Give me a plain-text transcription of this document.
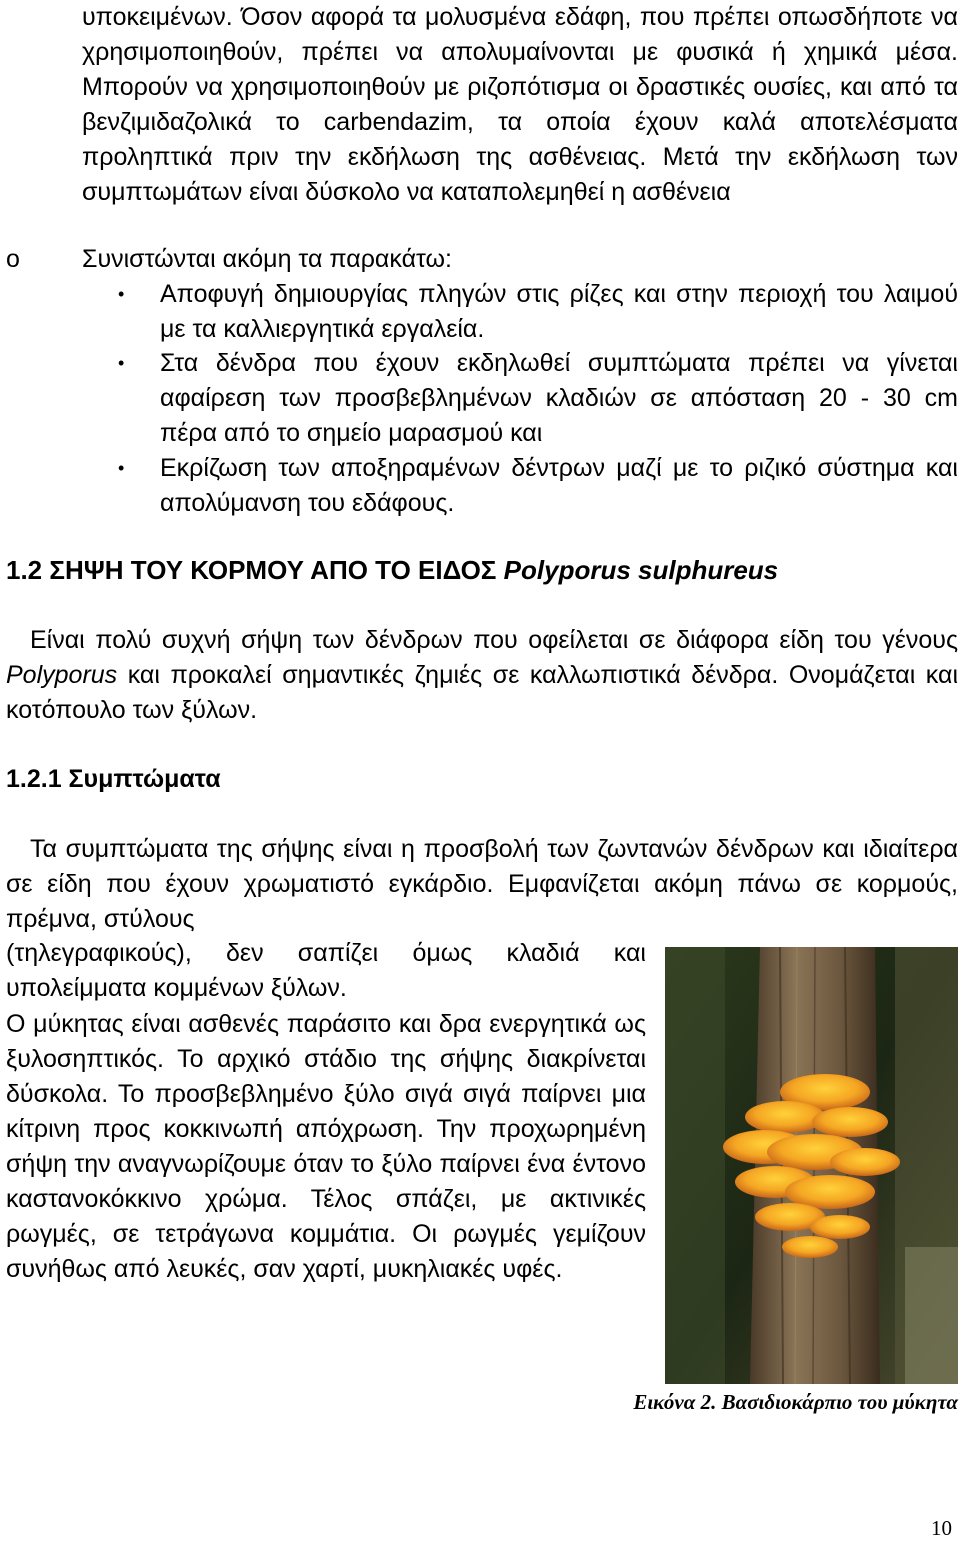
υποκειμένων. Όσον αφορά τα μολυσμένα εδάφη, που πρέπει οπωσδήποτε να χρησιμοποιηθούν, πρέπει να απολυμαίνονται με φυσικά ή χημικά μέσα. Μπορούν να χρησιμοποιηθούν με ριζοπότισμα οι δραστικές ουσίες, και από τα βενζιμιδαζολικά το carbendazim, τα οποία έχουν καλά αποτελέσματα προληπτικά πριν την εκδήλωση της ασθένειας. Μετά την εκδήλωση των συμπτωμάτων είναι δύσκολο να καταπολεμηθεί η ασθένεια

o Συνιστώνται ακόμη τα παρακάτω:
•	Αποφυγή δημιουργίας πληγών στις ρίζες και στην περιοχή του λαιμού με τα καλλιεργητικά εργαλεία.
•	Στα δένδρα που έχουν εκδηλωθεί συμπτώματα πρέπει να γίνεται αφαίρεση των προσβεβλημένων κλαδιών σε απόσταση 20 - 30 cm πέρα από το σημείο μαρασμού και
•	Εκρίζωση των αποξηραμένων δέντρων μαζί με το ριζικό σύστημα και απολύμανση του εδάφους.
1.2 ΣΗΨΗ ΤΟΥ ΚΟΡΜΟΥ ΑΠΟ ΤΟ ΕΙΔΟΣ Polyporus sulphureus

Είναι πολύ συχνή σήψη των δένδρων που οφείλεται σε διάφορα είδη του γένους Polyporus και προκαλεί σημαντικές ζημιές σε καλλωπιστικά δένδρα. Ονομάζεται και κοτόπουλο των ξύλων.

1.2.1 Συμπτώματα

Τα συμπτώματα της σήψης είναι η προσβολή των ζωντανών δένδρων και ιδιαίτερα σε είδη που έχουν χρωματιστό εγκάρδιο. Εμφανίζεται ακόμη πάνω σε κορμούς, πρέμνα, στύλους

(τηλεγραφικούς), δεν σαπίζει όμως κλαδιά και υπολείμματα κομμένων ξύλων.

Ο μύκητας είναι ασθενές παράσιτο και δρα ενεργητικά ως ξυλοσηπτικός. Το αρχικό στάδιο της σήψης διακρίνεται δύσκολα. Το προσβεβλημένο ξύλο σιγά σιγά παίρνει μια κίτρινη προς κοκκινωπή απόχρωση. Την προχωρημένη σήψη την αναγνωρίζουμε όταν το ξύλο παίρνει ένα έντονο καστανοκόκκινο χρώμα. Τέλος σπάζει, με ακτινικές ρωγμές, σε τετράγωνα κομμάτια. Οι ρωγμές γεμίζουν συνήθως από λευκές, σαν χαρτί, μυκηλιακές υφές.

Εικόνα 2. Βασιδιοκάρπιο του μύκητα
10
